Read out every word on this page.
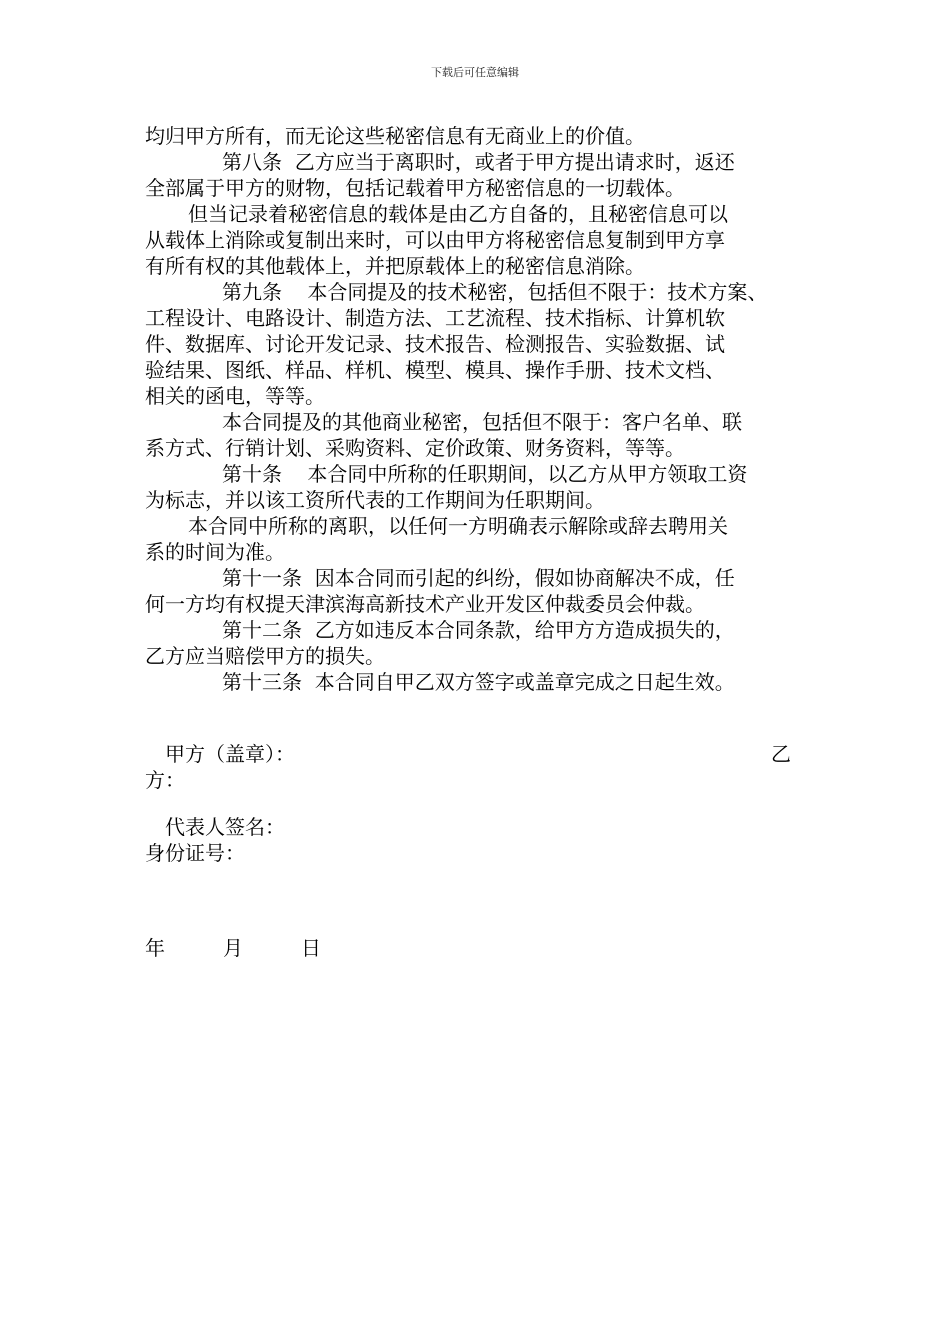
下载后可任意编辑
均归甲方所有，而无论这些秘密信息有无商业上的价值。
第八条  乙方应当于离职时，或者于甲方提出请求时，返还
全部属于甲方的财物，包括记载着甲方秘密信息的一切载体。
但当记录着秘密信息的载体是由乙方自备的，且秘密信息可以
从载体上消除或复制出来时，可以由甲方将秘密信息复制到甲方享
有所有权的其他载体上，并把原载体上的秘密信息消除。
第九条    本合同提及的技术秘密，包括但不限于：技术方案、
工程设计、电路设计、制造方法、工艺流程、技术指标、计算机软
件、数据库、讨论开发记录、技术报告、检测报告、实验数据、试
验结果、图纸、样品、样机、模型、模具、操作手册、技术文档、
相关的函电，等等。
本合同提及的其他商业秘密，包括但不限于：客户名单、联
系方式、行销计划、采购资料、定价政策、财务资料，等等。
第十条    本合同中所称的任职期间，以乙方从甲方领取工资
为标志，并以该工资所代表的工作期间为任职期间。
本合同中所称的离职，以任何一方明确表示解除或辞去聘用关
系的时间为准。
第十一条  因本合同而引起的纠纷，假如协商解决不成，任
何一方均有权提天津滨海高新技术产业开发区仲裁委员会仲裁。
第十二条  乙方如违反本合同条款，给甲方方造成损失的，
乙方应当赔偿甲方的损失。
第十三条  本合同自甲乙双方签字或盖章完成之日起生效。
甲方（盖章）：	乙
方：
代表人签名：
身份证号：
年	月	日
